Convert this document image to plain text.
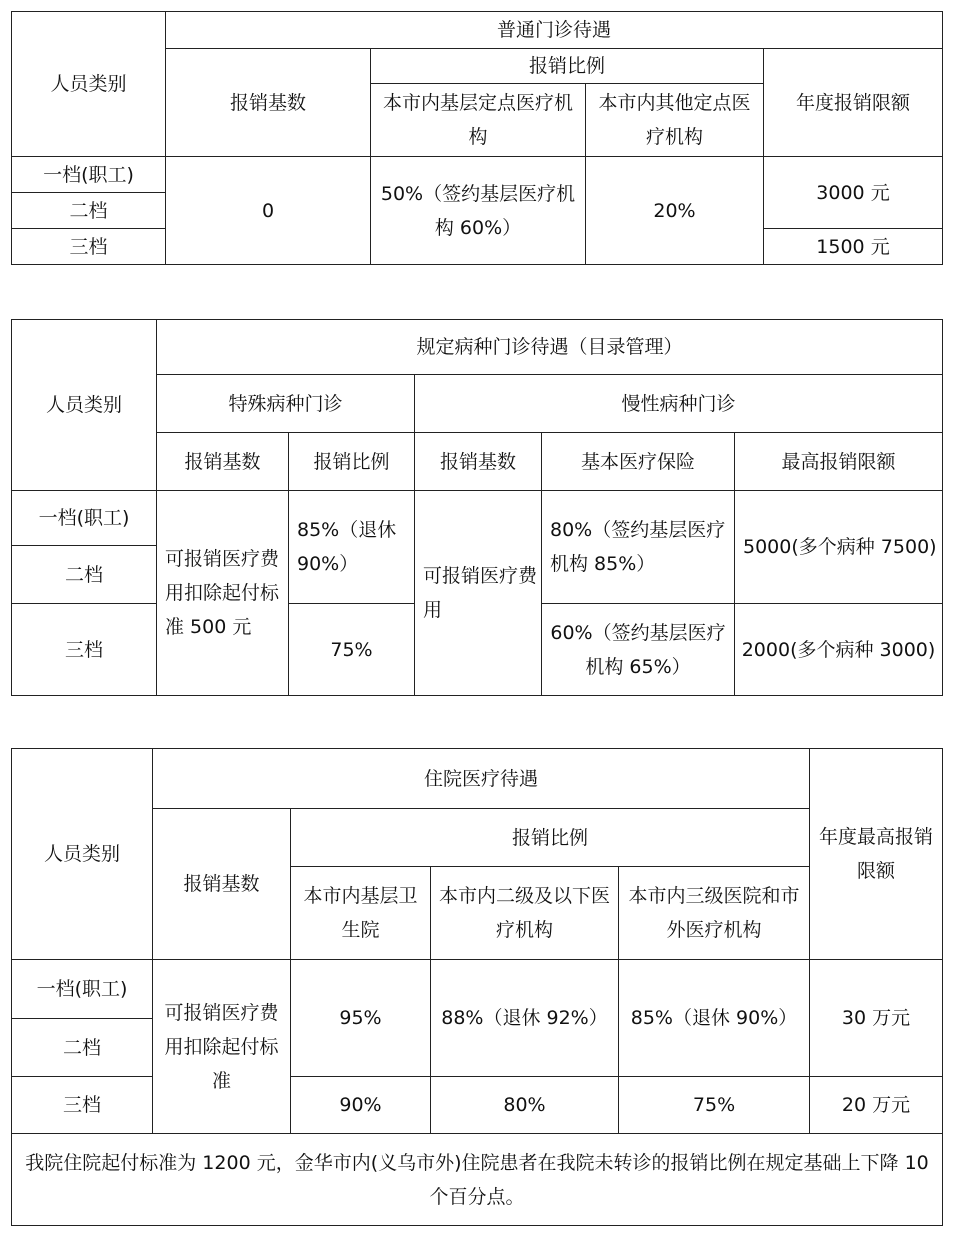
人员类别	普通门诊待遇			
	报销基数	报销比例		年度报销限额
		本市内基层定点医疗机构	本市内其他定点医疗机构	
一档(职工)	0	50%（签约基层医疗机构 60%）	20%	3000 元
二档				
三档				1500 元
人员类别	规定病种门诊待遇（目录管理）				
	特殊病种门诊		慢性病种门诊		
	报销基数	报销比例	报销基数	基本医疗保险	最高报销限额
一档(职工)	可报销医疗费用扣除起付标准 500 元	85%（退休 90%）	可报销医疗费用	80%（签约基层医疗机构 85%）	5000(多个病种 7500)
二档					
三档		75%		60%（签约基层医疗机构 65%）	2000(多个病种 3000)
人员类别	住院医疗待遇				年度最高报销限额
	报销基数	报销比例			
		本市内基层卫生院	本市内二级及以下医疗机构	本市内三级医院和市外医疗机构	
一档(职工)	可报销医疗费用扣除起付标准	95%	88%（退休 92%）	85%（退休 90%）	30 万元
二档					
三档		90%	80%	75%	20 万元
我院住院起付标准为 1200 元，金华市内(义乌市外)住院患者在我院未转诊的报销比例在规定基础上下降 10 个百分点。					
